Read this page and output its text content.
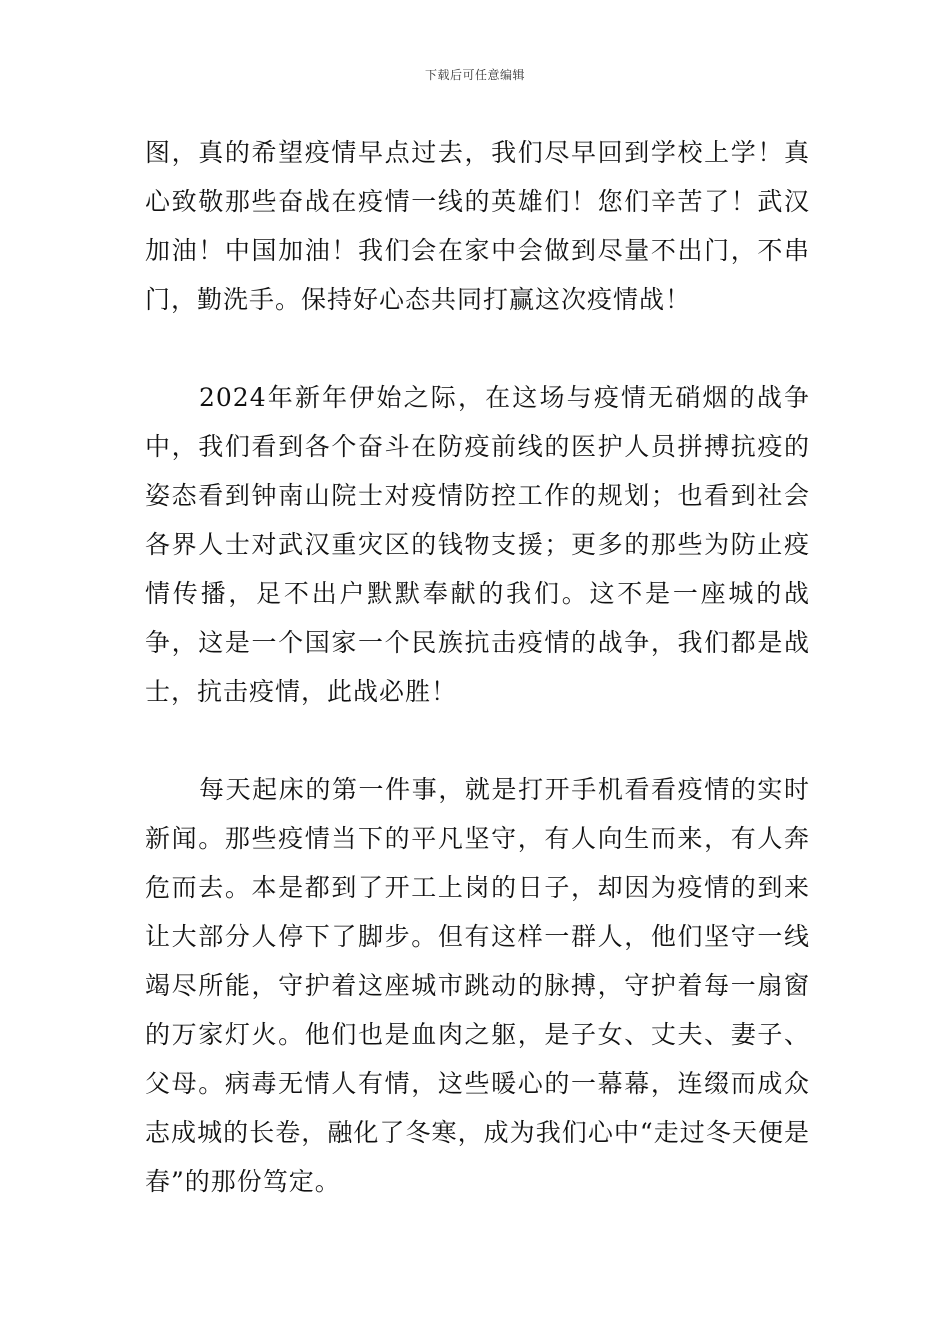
下载后可任意编辑

图，真的希望疫情早点过去，我们尽早回到学校上学！真心致敬那些奋战在疫情一线的英雄们！您们辛苦了！武汉加油！中国加油！我们会在家中会做到尽量不出门，不串门，勤洗手。保持好心态共同打赢这次疫情战！

2024年新年伊始之际，在这场与疫情无硝烟的战争中，我们看到各个奋斗在防疫前线的医护人员拼搏抗疫的姿态看到钟南山院士对疫情防控工作的规划；也看到社会各界人士对武汉重灾区的钱物支援；更多的那些为防止疫情传播，足不出户默默奉献的我们。这不是一座城的战争，这是一个国家一个民族抗击疫情的战争，我们都是战士，抗击疫情，此战必胜！

每天起床的第一件事，就是打开手机看看疫情的实时新闻。那些疫情当下的平凡坚守，有人向生而来，有人奔危而去。本是都到了开工上岗的日子，却因为疫情的到来让大部分人停下了脚步。但有这样一群人，他们坚守一线竭尽所能，守护着这座城市跳动的脉搏，守护着每一扇窗的万家灯火。他们也是血肉之躯，是子女、丈夫、妻子、父母。病毒无情人有情，这些暖心的一幕幕，连缀而成众志成城的长卷，融化了冬寒，成为我们心中“走过冬天便是春”的那份笃定。
